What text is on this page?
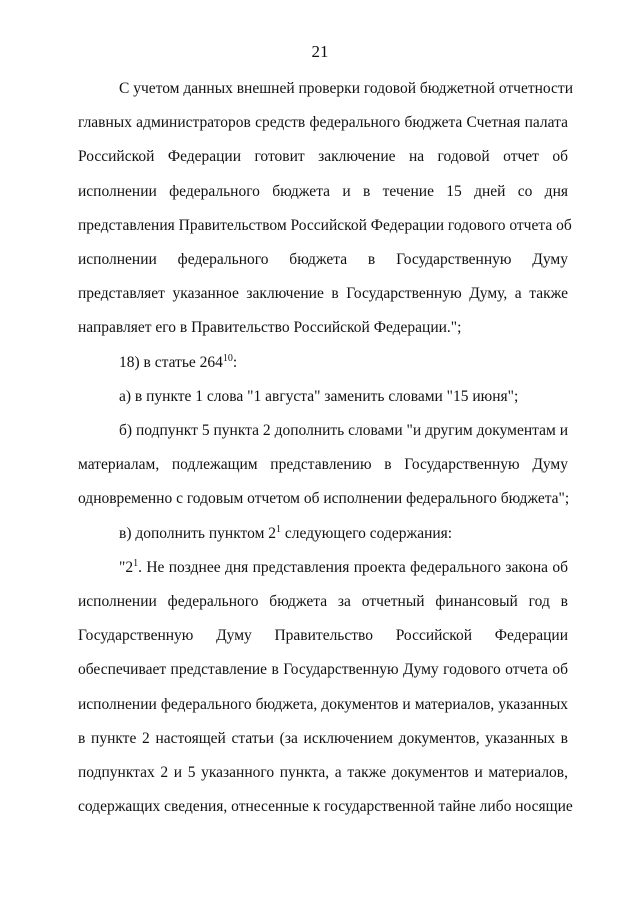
21
С учетом данных внешней проверки годовой бюджетной отчетности
главных администраторов средств федерального бюджета Счетная палата
Российской Федерации готовит заключение на годовой отчет об
исполнении федерального бюджета и в течение 15 дней со дня
представления Правительством Российской Федерации годового отчета об
исполнении федерального бюджета в Государственную Думу
представляет указанное заключение в Государственную Думу, а также
направляет его в Правительство Российской Федерации.";
18) в статье $264^{10}$:
а) в пункте 1 слова "1 августа" заменить словами "15 июня";
б) подпункт 5 пункта 2 дополнить словами "и другим документам и
материалам, подлежащим представлению в Государственную Думу
одновременно с годовым отчетом об исполнении федерального бюджета";
в) дополнить пунктом $2^1$ следующего содержания:
"$2^1$. Не позднее дня представления проекта федерального закона об
исполнении федерального бюджета за отчетный финансовый год в
Государственную Думу Правительство Российской Федерации
обеспечивает представление в Государственную Думу годового отчета об
исполнении федерального бюджета, документов и материалов, указанных
в пункте 2 настоящей статьи (за исключением документов, указанных в
подпунктах 2 и 5 указанного пункта, а также документов и материалов,
содержащих сведения, отнесенные к государственной тайне либо носящие
